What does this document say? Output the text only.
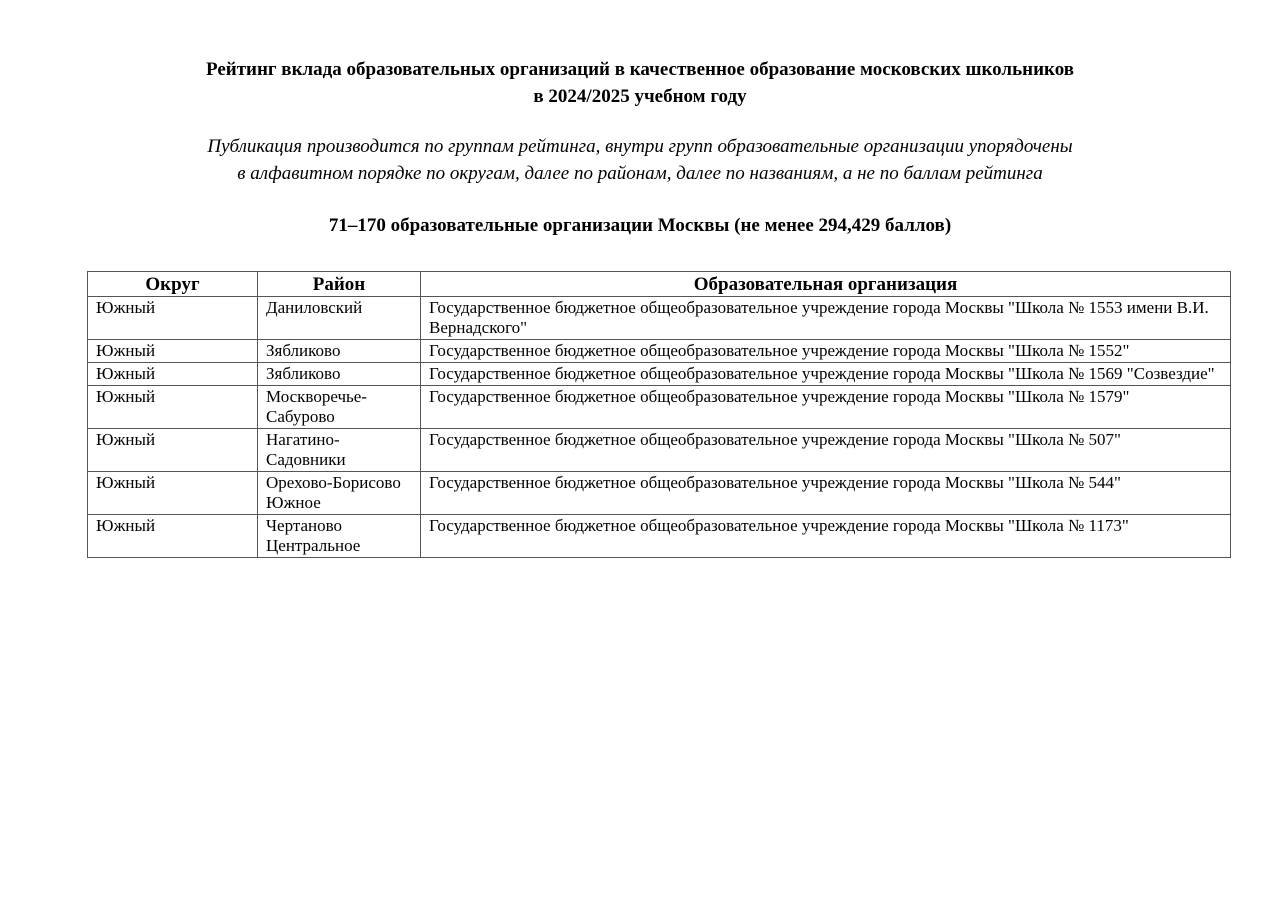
Рейтинг вклада образовательных организаций в качественное образование московских школьников
в 2024/2025 учебном году
Публикация производится по группам рейтинга, внутри групп образовательные организации упорядочены
в алфавитном порядке по округам, далее по районам, далее по названиям, а не по баллам рейтинга
71–170 образовательные организации Москвы (не менее 294,429 баллов)
Округ	Район	Образовательная организация
Южный	Даниловский	Государственное бюджетное общеобразовательное учреждение города Москвы "Школа № 1553 имени В.И. Вернадского"
Южный	Зябликово	Государственное бюджетное общеобразовательное учреждение города Москвы "Школа № 1552"
Южный	Зябликово	Государственное бюджетное общеобразовательное учреждение города Москвы "Школа № 1569 "Созвездие"
Южный	Москворечье-Сабурово	Государственное бюджетное общеобразовательное учреждение города Москвы "Школа № 1579"
Южный	Нагатино-Садовники	Государственное бюджетное общеобразовательное учреждение города Москвы "Школа № 507"
Южный	Орехово-Борисово Южное	Государственное бюджетное общеобразовательное учреждение города Москвы "Школа № 544"
Южный	Чертаново Центральное	Государственное бюджетное общеобразовательное учреждение города Москвы "Школа № 1173"
